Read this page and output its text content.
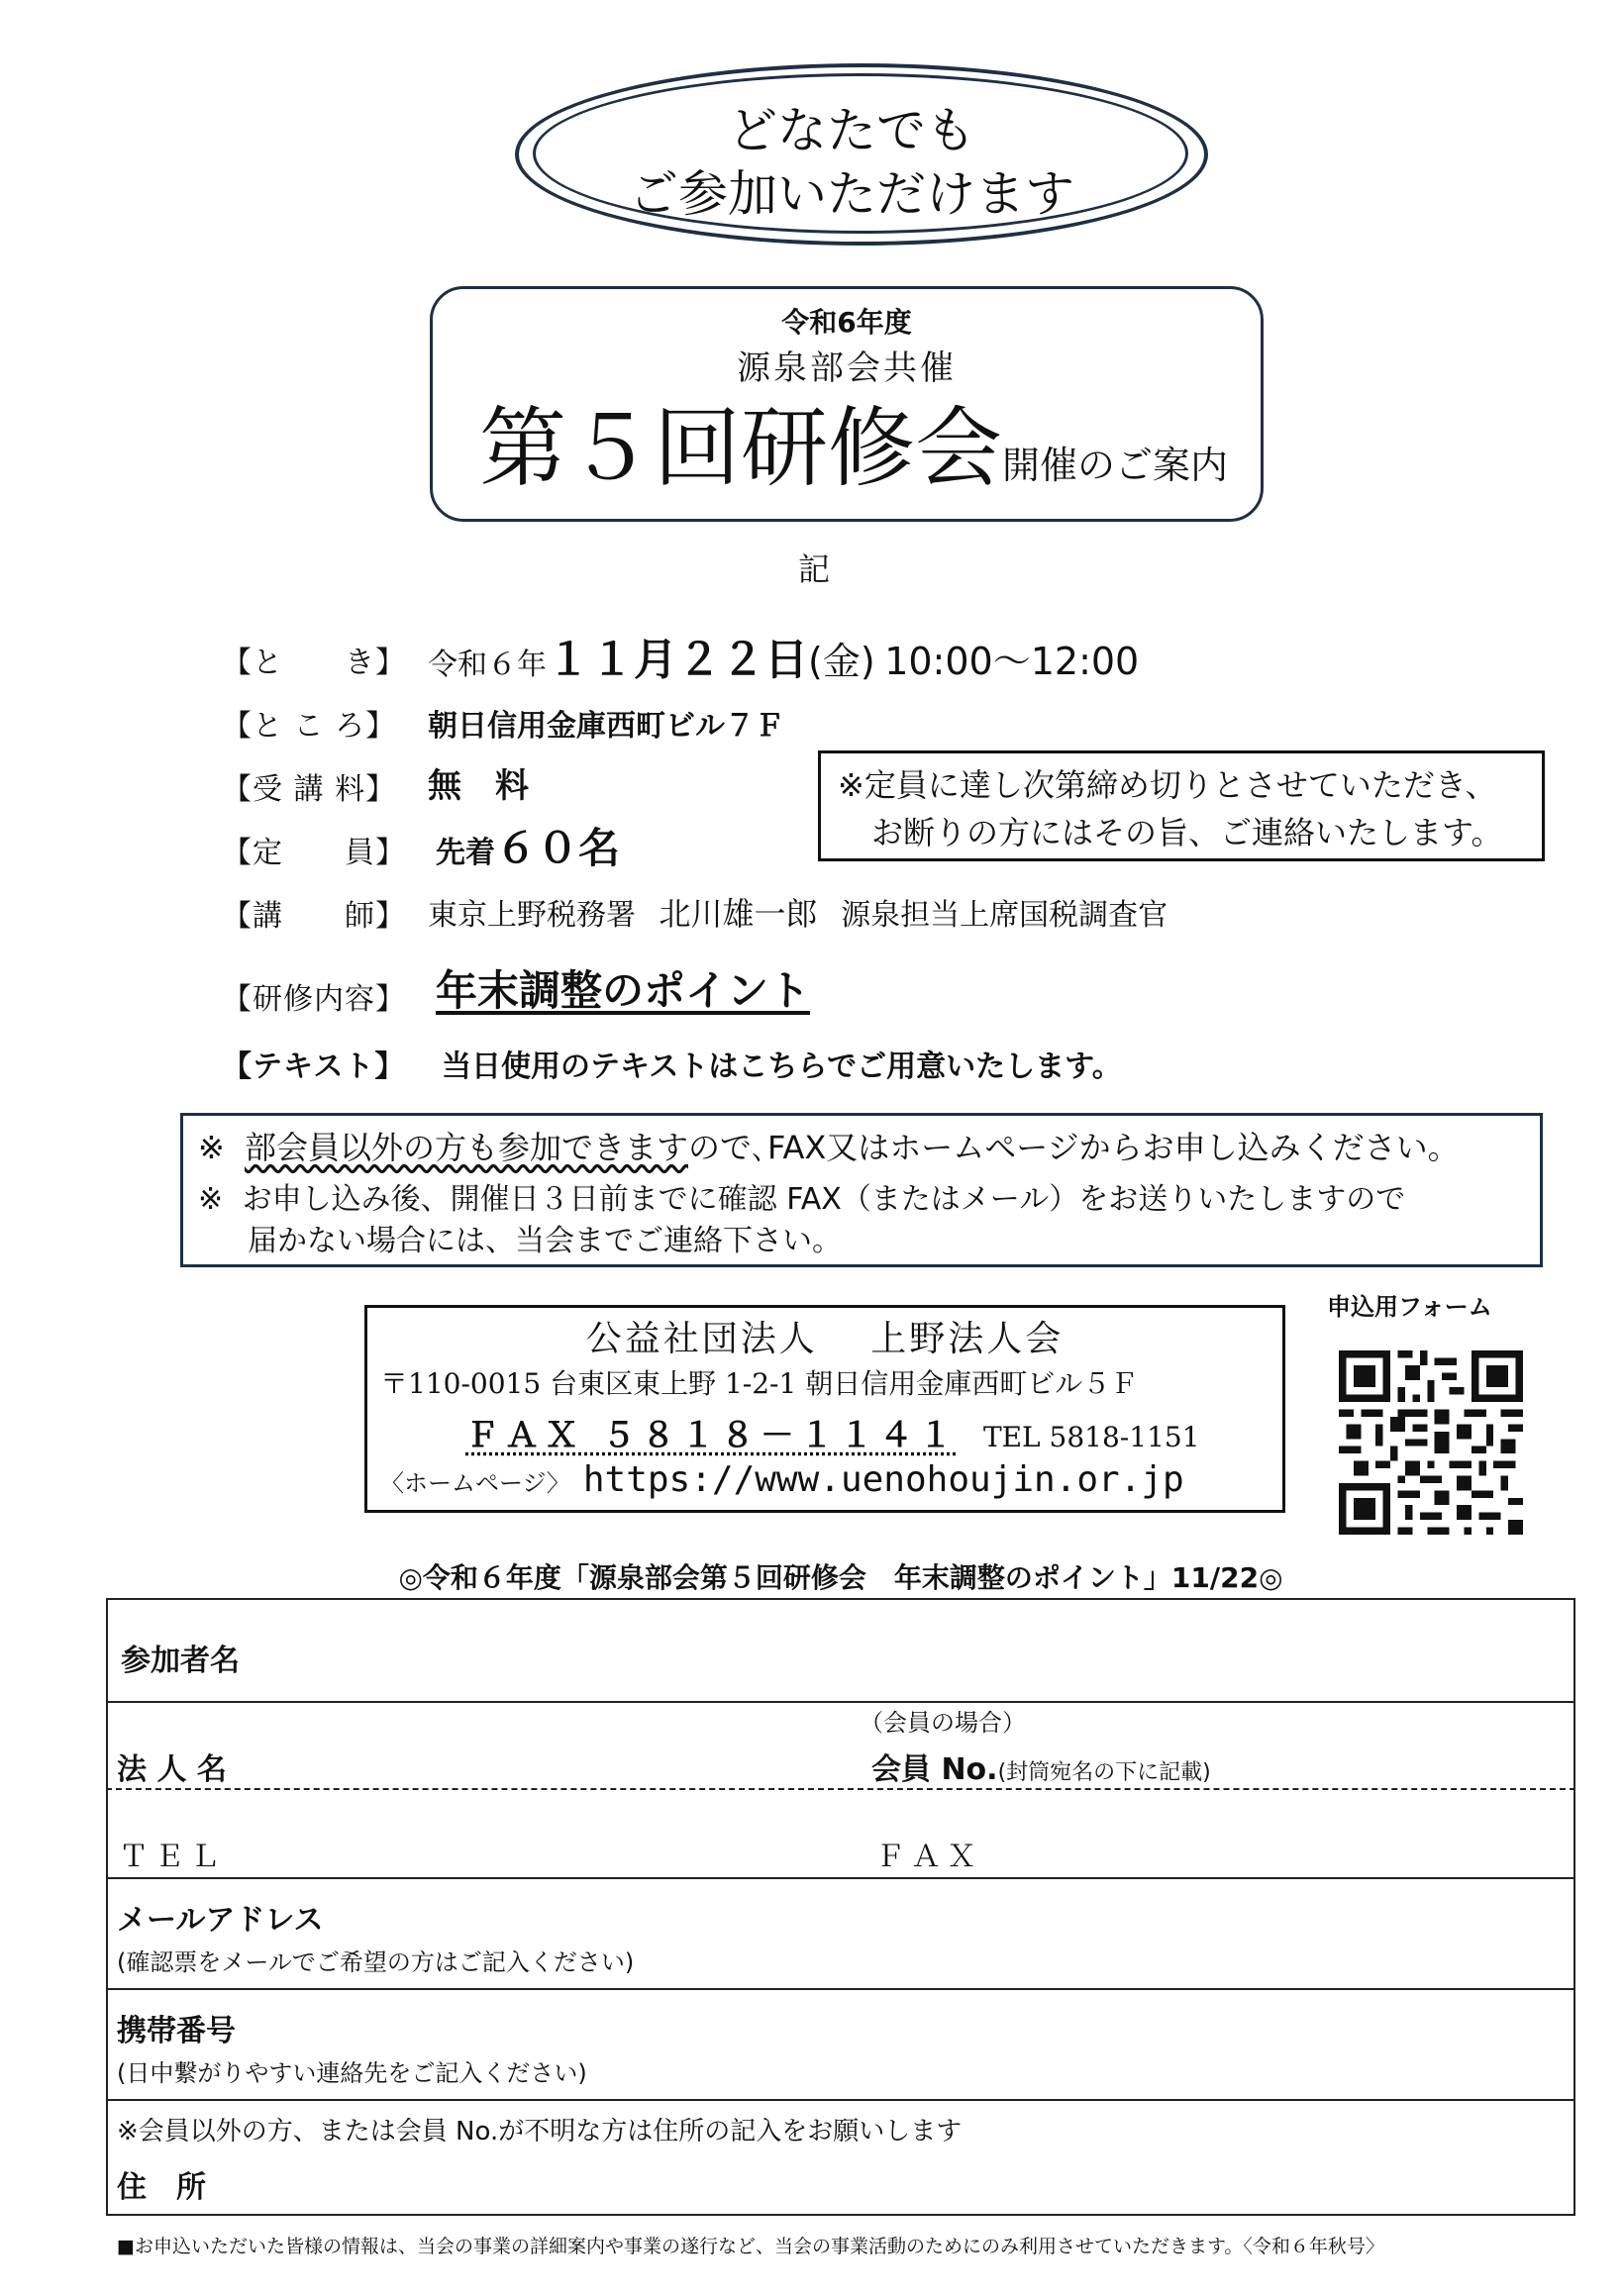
どなたでも
ご参加いただけます
令和6年度
源泉部会共催
第５回研修会開催のご案内
記
【と　　き】 令和６年１１月２２日(金) 10:00〜12:00
【と こ ろ】 朝日信用金庫西町ビル７Ｆ
【受 講 料】 無　料
【定　　員】 先着６０名
【講　　師】 東京上野税務署 北川雄一郎 源泉担当上席国税調査官
【研修内容】 年末調整のポイント
【テキスト】 当日使用のテキストはこちらでご用意いたします。
※定員に達し次第締め切りとさせていただき、
お断りの方にはその旨、ご連絡いたします。
※ 部会員以外の方も参加できますので､FAX又はホームページからお申し込みください。
※ お申し込み後、開催日３日前までに確認 FAX（またはメール）をお送りいたしますので
届かない場合には、当会までご連絡下さい。
公益社団法人　 上野法人会
〒110-0015 台東区東上野 1-2-1 朝日信用金庫西町ビル５Ｆ
ＦＡＸ ５８１８－１１４１ TEL 5818-1151
〈ホームページ〉 https://www.uenohoujin.or.jp
申込用フォーム
◎令和６年度「源泉部会第５回研修会　年末調整のポイント」11/22◎
参加者名
（会員の場合）
法 人 名	会員 No.(封筒宛名の下に記載)
ＴＥＬ	ＦＡＸ
メールアドレス
(確認票をメールでご希望の方はご記入ください)
携帯番号
(日中繋がりやすい連絡先をご記入ください)
※会員以外の方、または会員 No.が不明な方は住所の記入をお願いします
住　所
■お申込いただいた皆様の情報は、当会の事業の詳細案内や事業の遂行など、当会の事業活動のためにのみ利用させていただきます。〈令和６年秋号〉
